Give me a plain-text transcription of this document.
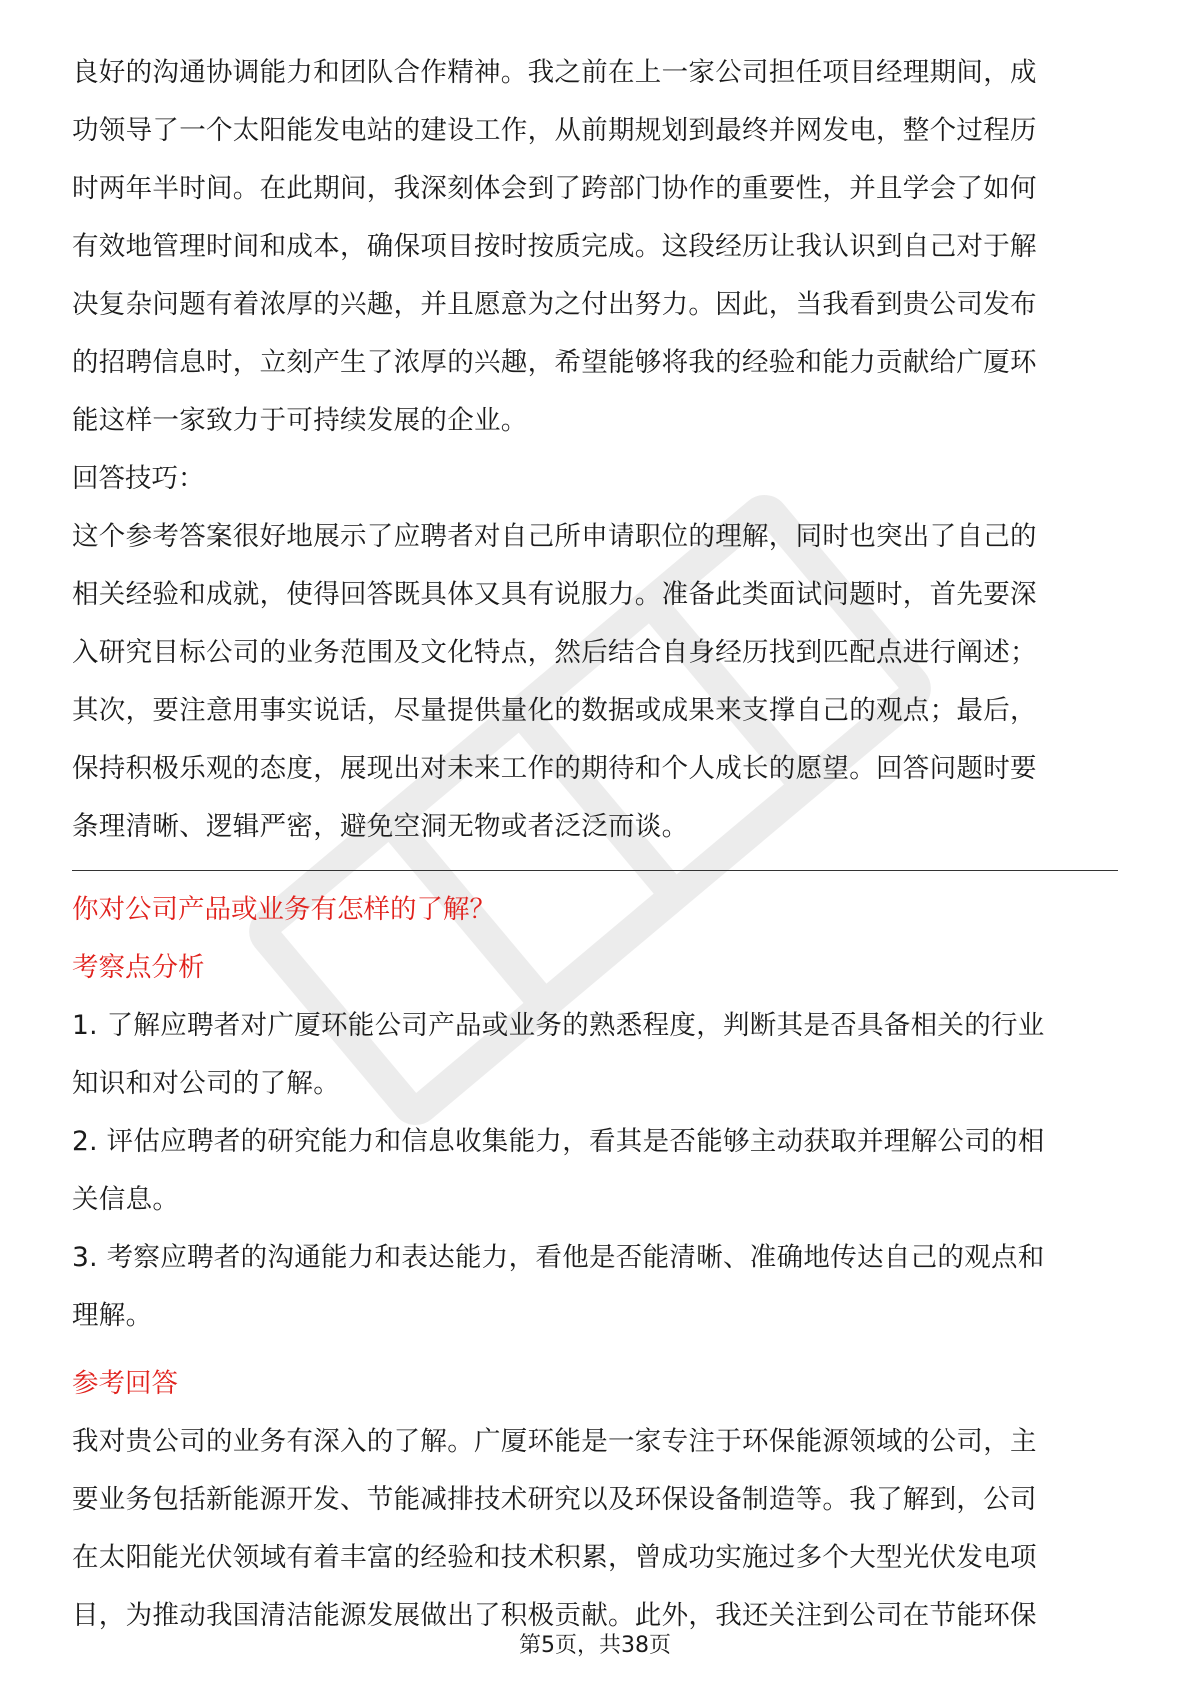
良好的沟通协调能力和团队合作精神。我之前在上一家公司担任项目经理期间，成
功领导了一个太阳能发电站的建设工作，从前期规划到最终并网发电，整个过程历
时两年半时间。在此期间，我深刻体会到了跨部门协作的重要性，并且学会了如何
有效地管理时间和成本，确保项目按时按质完成。这段经历让我认识到自己对于解
决复杂问题有着浓厚的兴趣，并且愿意为之付出努力。因此，当我看到贵公司发布
的招聘信息时，立刻产生了浓厚的兴趣，希望能够将我的经验和能力贡献给广厦环
能这样一家致力于可持续发展的企业。

回答技巧：

这个参考答案很好地展示了应聘者对自己所申请职位的理解，同时也突出了自己的
相关经验和成就，使得回答既具体又具有说服力。准备此类面试问题时，首先要深
入研究目标公司的业务范围及文化特点，然后结合自身经历找到匹配点进行阐述；
其次，要注意用事实说话，尽量提供量化的数据或成果来支撑自己的观点；最后，
保持积极乐观的态度，展现出对未来工作的期待和个人成长的愿望。回答问题时要
条理清晰、逻辑严密，避免空洞无物或者泛泛而谈。

你对公司产品或业务有怎样的了解？

考察点分析

1. 了解应聘者对广厦环能公司产品或业务的熟悉程度，判断其是否具备相关的行业
知识和对公司的了解。
2. 评估应聘者的研究能力和信息收集能力，看其是否能够主动获取并理解公司的相
关信息。
3. 考察应聘者的沟通能力和表达能力，看他是否能清晰、准确地传达自己的观点和
理解。

参考回答

我对贵公司的业务有深入的了解。广厦环能是一家专注于环保能源领域的公司，主
要业务包括新能源开发、节能减排技术研究以及环保设备制造等。我了解到，公司
在太阳能光伏领域有着丰富的经验和技术积累，曾成功实施过多个大型光伏发电项
目，为推动我国清洁能源发展做出了积极贡献。此外，我还关注到公司在节能环保
第5页，共38页
